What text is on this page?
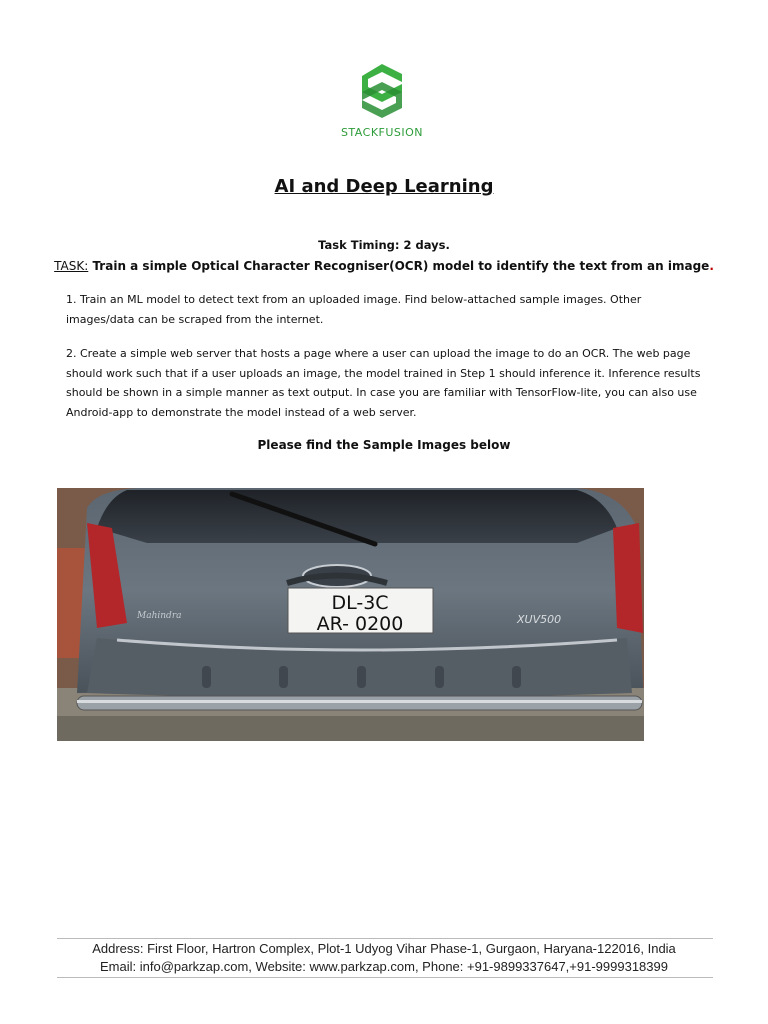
STACKFUSION
AI and Deep Learning
Task Timing: 2 days.
TASK: Train a simple Optical Character Recogniser(OCR) model to identify the text from an image.
1. Train an ML model to detect text from an uploaded image. Find below-attached sample images. Other images/data can be scraped from the internet.
2. Create a simple web server that hosts a page where a user can upload the image to do an OCR. The web page should work such that if a user uploads an image, the model trained in Step 1 should inference it. Inference results should be shown in a simple manner as text output. In case you are familiar with TensorFlow-lite, you can also use Android-app to demonstrate the model instead of a web server.
Please find the Sample Images below
DL-3C
AR- 0200
Mahindra	XUV500
Address: First Floor, Hartron Complex, Plot-1 Udyog Vihar Phase-1, Gurgaon, Haryana-122016, India
Email: info@parkzap.com, Website: www.parkzap.com, Phone: +91-9899337647,+91-9999318399
